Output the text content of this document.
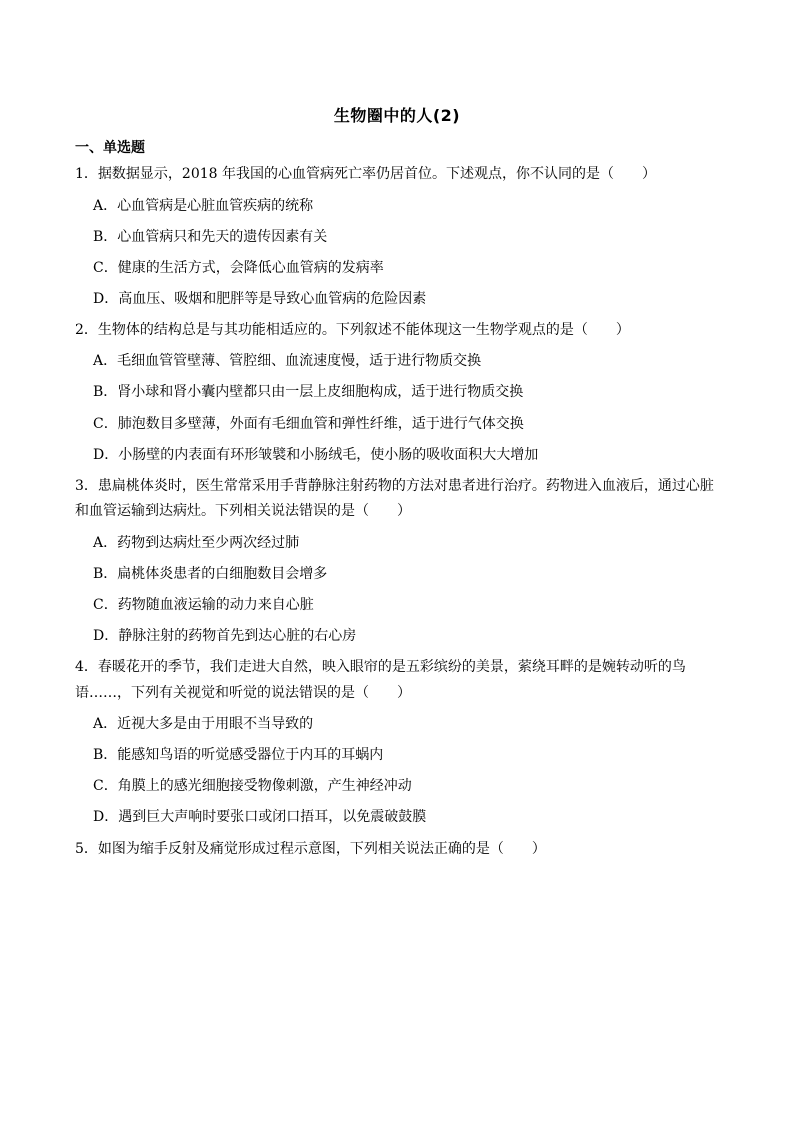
生物圈中的人(2)
一、单选题
1．据数据显示，2018 年我国的心血管病死亡率仍居首位。下述观点，你不认同的是（　　）
A．心血管病是心脏血管疾病的统称
B．心血管病只和先天的遗传因素有关
C．健康的生活方式，会降低心血管病的发病率
D．高血压、吸烟和肥胖等是导致心血管病的危险因素
2．生物体的结构总是与其功能相适应的。下列叙述不能体现这一生物学观点的是（　　）
A．毛细血管管壁薄、管腔细、血流速度慢，适于进行物质交换
B．肾小球和肾小囊内壁都只由一层上皮细胞构成，适于进行物质交换
C．肺泡数目多壁薄，外面有毛细血管和弹性纤维，适于进行气体交换
D．小肠壁的内表面有环形皱襞和小肠绒毛，使小肠的吸收面积大大增加
3．患扁桃体炎时，医生常常采用手背静脉注射药物的方法对患者进行治疗。药物进入血液后，通过心脏和血管运输到达病灶。下列相关说法错误的是（　　）
A．药物到达病灶至少两次经过肺
B．扁桃体炎患者的白细胞数目会增多
C．药物随血液运输的动力来自心脏
D．静脉注射的药物首先到达心脏的右心房
4．春暖花开的季节，我们走进大自然，映入眼帘的是五彩缤纷的美景，萦绕耳畔的是婉转动听的鸟语……，下列有关视觉和听觉的说法错误的是（　　）
A．近视大多是由于用眼不当导致的
B．能感知鸟语的听觉感受器位于内耳的耳蜗内
C．角膜上的感光细胞接受物像刺激，产生神经冲动
D．遇到巨大声响时要张口或闭口捂耳，以免震破鼓膜
5．如图为缩手反射及痛觉形成过程示意图，下列相关说法正确的是（　　）
